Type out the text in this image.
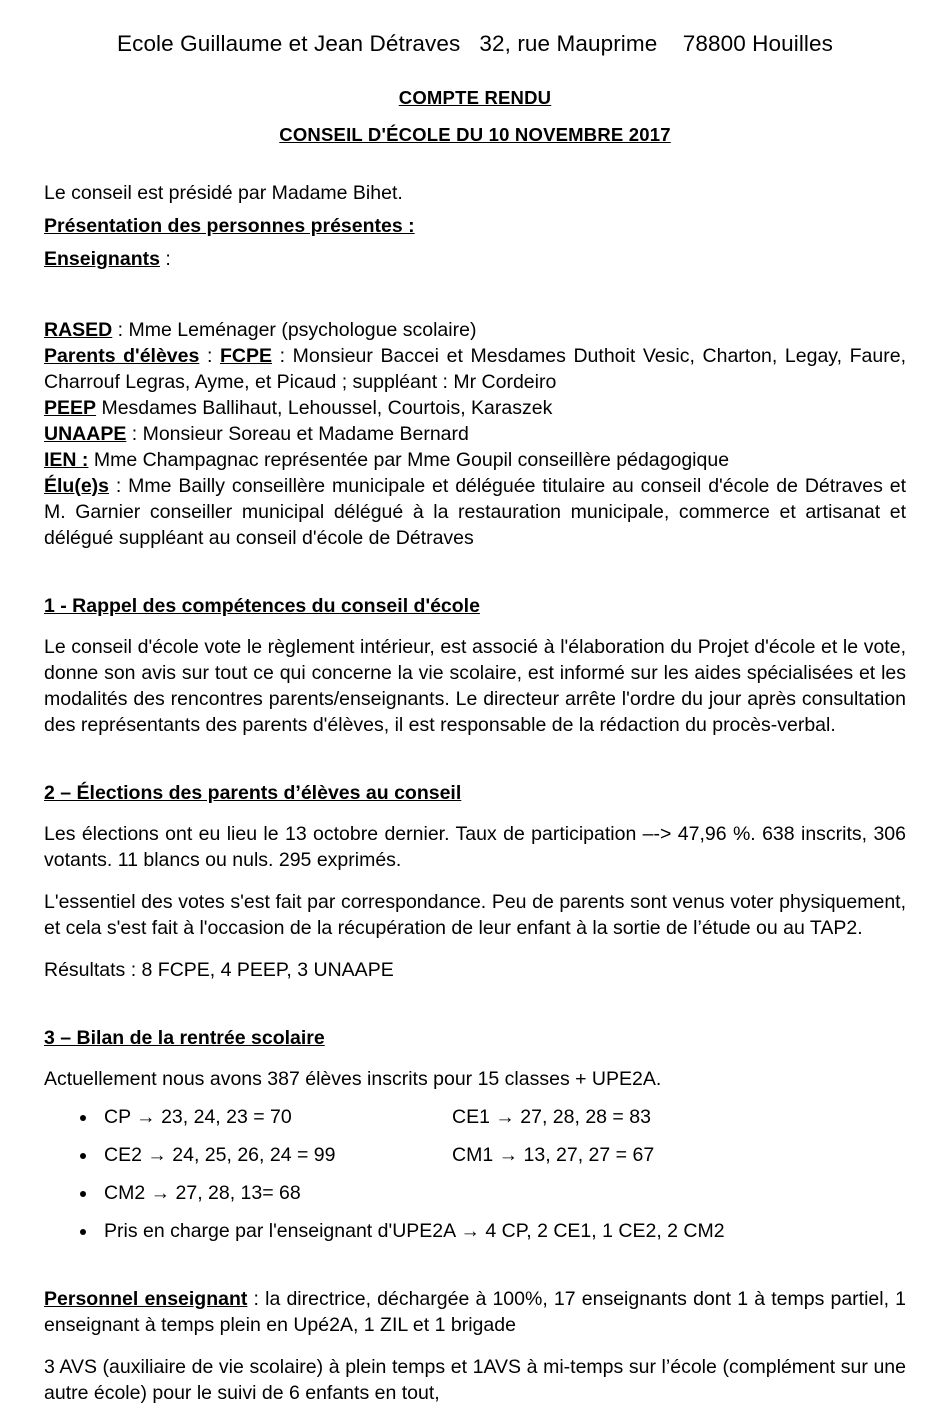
Ecole Guillaume et Jean Détraves   32, rue Mauprime    78800 Houilles
COMPTE RENDU
CONSEIL D'ÉCOLE DU 10 NOVEMBRE 2017

Le conseil est présidé par Madame Bihet.

Présentation des personnes présentes :

Enseignants :

RASED : Mme Leménager (psychologue scolaire)

Parents d'élèves : FCPE : Monsieur Baccei et Mesdames Duthoit Vesic, Charton, Legay, Faure, Charrouf Legras, Ayme, et Picaud ; suppléant : Mr Cordeiro

PEEP Mesdames Ballihaut, Lehoussel, Courtois, Karaszek

UNAAPE : Monsieur Soreau et Madame Bernard

IEN : Mme Champagnac représentée par Mme Goupil conseillère pédagogique

Élu(e)s : Mme Bailly conseillère municipale et déléguée titulaire au conseil d'école de Détraves et M. Garnier conseiller municipal délégué à la restauration municipale, commerce et artisanat et délégué suppléant au conseil d'école de Détraves

1 - Rappel des compétences du conseil d'école

Le conseil d'école vote le règlement intérieur, est associé à l'élaboration du Projet d'école et le vote, donne son avis sur tout ce qui concerne la vie scolaire, est informé sur les aides spécialisées et les modalités des rencontres parents/enseignants. Le directeur arrête l'ordre du jour après consultation des représentants des parents d'élèves, il est responsable de la rédaction du procès-verbal.

2 – Élections des parents d’élèves au conseil

Les élections ont eu lieu le 13 octobre dernier. Taux de participation –-> 47,96 %. 638 inscrits, 306 votants. 11 blancs ou nuls. 295 exprimés.

L'essentiel des votes s'est fait par correspondance. Peu de parents sont venus voter physiquement, et cela s'est fait à l'occasion de la récupération de leur enfant à la sortie de l’étude ou au TAP2.

Résultats : 8 FCPE, 4 PEEP, 3 UNAAPE

3 – Bilan de la rentrée scolaire

Actuellement nous avons 387 élèves inscrits pour 15 classes + UPE2A.

CP → 23, 24, 23 = 70	CE1 → 27, 28, 28 = 83
CE2 → 24, 25, 26, 24 = 99	CM1 → 13, 27, 27 = 67
CM2 → 27, 28, 13= 68
Pris en charge par l'enseignant d'UPE2A → 4 CP, 2 CE1, 1 CE2, 2 CM2

Personnel enseignant : la directrice, déchargée à 100%, 17 enseignants dont 1 à temps partiel, 1 enseignant à temps plein en Upé2A, 1 ZIL et 1 brigade

3 AVS (auxiliaire de vie scolaire) à plein temps et 1AVS à mi-temps sur l’école (complément sur une autre école) pour le suivi de 6 enfants en tout,
